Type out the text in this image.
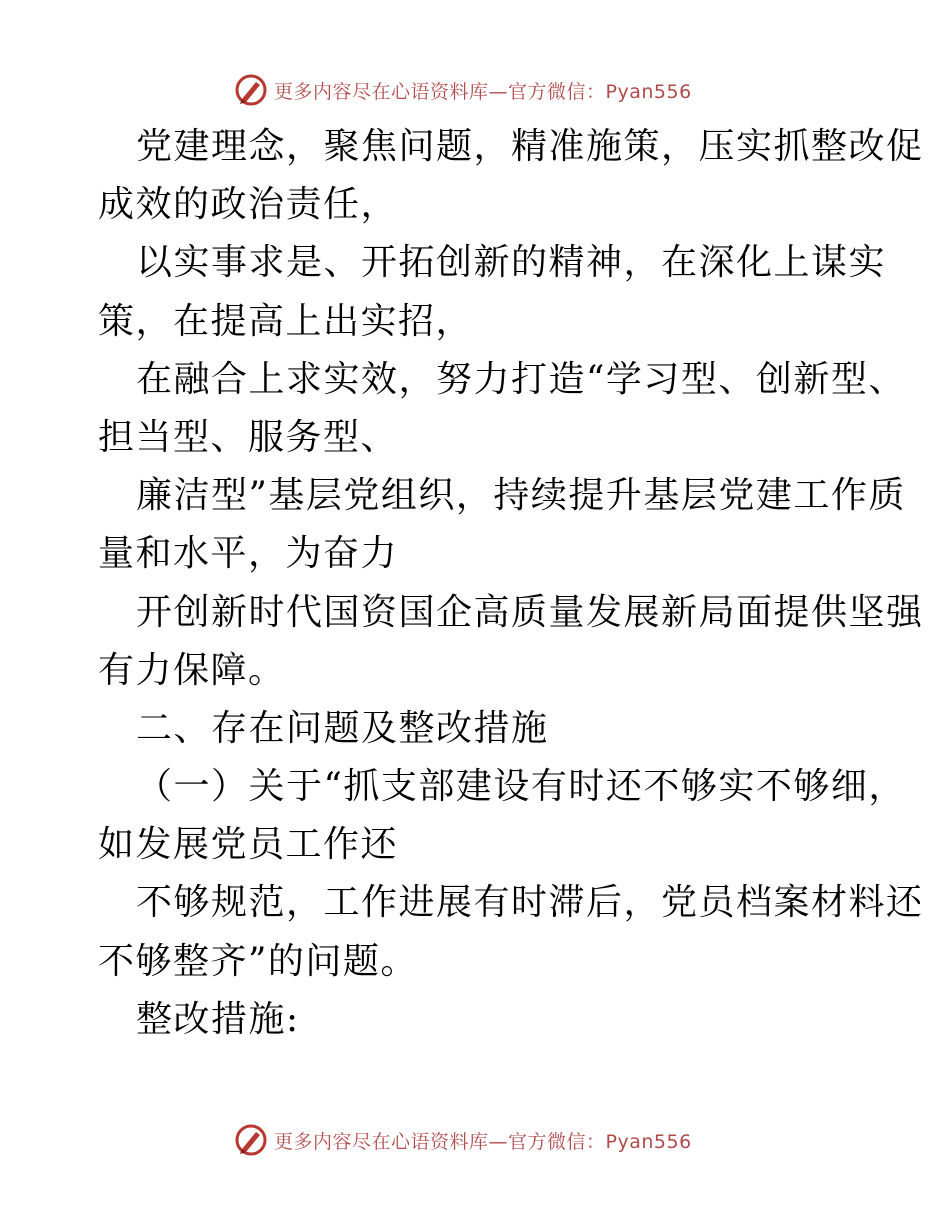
更多内容尽在心语资料库—官方微信：Pyan556
党建理念，聚焦问题，精准施策，压实抓整改促
成效的政治责任，
以实事求是、开拓创新的精神，在深化上谋实
策，在提高上出实招，
在融合上求实效，努力打造“学习型、创新型、
担当型、服务型、
廉洁型”基层党组织，持续提升基层党建工作质
量和水平，为奋力
开创新时代国资国企高质量发展新局面提供坚强
有力保障。
二、存在问题及整改措施
（一）关于“抓支部建设有时还不够实不够细，
如发展党员工作还
不够规范，工作进展有时滞后，党员档案材料还
不够整齐”的问题。
整改措施:
更多内容尽在心语资料库—官方微信：Pyan556
